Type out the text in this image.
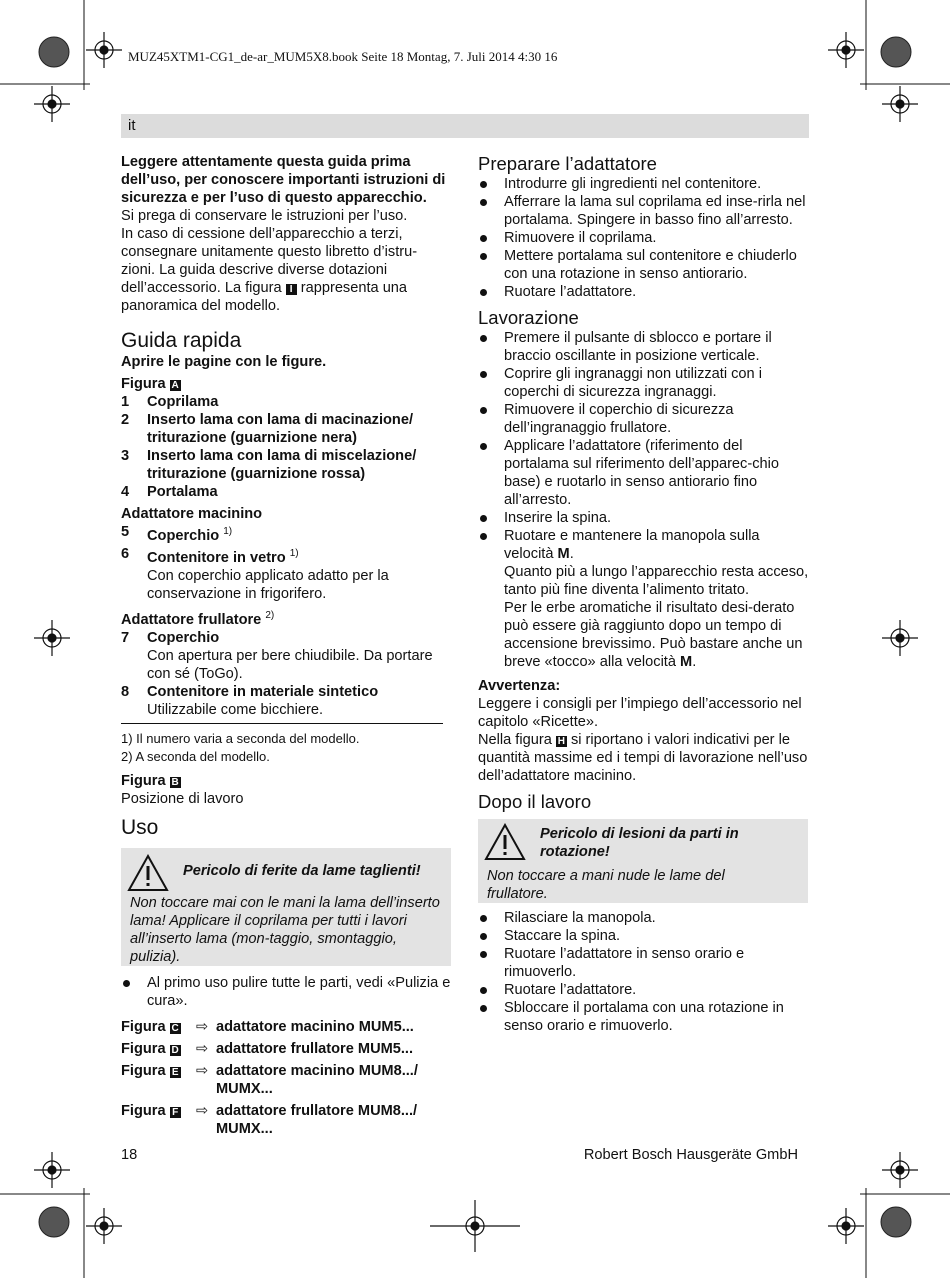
MUZ45XTM1-CG1_de-ar_MUM5X8.book Seite 18 Montag, 7. Juli 2014 4:30 16
it

Leggere attentamente questa guida prima dell’uso, per conoscere importanti istruzioni di sicurezza e per l’uso di questo apparecchio.

Si prega di conservare le istruzioni per l’uso.

In caso di cessione dell’apparecchio a terzi, consegnare unitamente questo libretto d’istru-zioni. La guida descrive diverse dotazioni dell’accessorio. La figura I rappresenta una panoramica del modello.

Guida rapida

Aprire le pagine con le figure.

Figura A

1	Coprilama
2	Inserto lama con lama di macinazione/ triturazione (guarnizione nera)
3	Inserto lama con lama di miscelazione/ triturazione (guarnizione rossa)
4	Portalama

Adattatore macinino

5	Coperchio $^{1)}$
6	Contenitore in vetro $^{1)}$
Con coperchio applicato adatto per la conservazione in frigorifero.

Adattatore frullatore $^{2)}$

7	Coperchio
Con apertura per bere chiudibile. Da portare con sé (ToGo).
8	Contenitore in materiale sintetico
Utilizzabile come bicchiere.

1) Il numero varia a seconda del modello.

2) A seconda del modello.

Figura B

Posizione di lavoro

Uso

Pericolo di ferite da lame taglienti!

Non toccare mai con le mani la lama dell’inserto lama! Applicare il coprilama per tutti i lavori all’inserto lama (mon-taggio, smontaggio, pulizia).

Al primo uso pulire tutte le parti, vedi «Pulizia e cura».
Figura C	⇨ adattatore macinino MUM5...
Figura D	⇨ adattatore frullatore MUM5...
Figura E	⇨ adattatore macinino MUM8.../ MUMX...
Figura F	⇨ adattatore frullatore MUM8.../ MUMX...
Preparare l’adattatore
Introdurre gli ingredienti nel contenitore.
Afferrare la lama sul coprilama ed inse-rirla nel portalama. Spingere in basso fino all’arresto.
Rimuovere il coprilama.
Mettere portalama sul contenitore e chiuderlo con una rotazione in senso antiorario.
Ruotare l’adattatore.
Lavorazione
Premere il pulsante di sblocco e portare il braccio oscillante in posizione verticale.
Coprire gli ingranaggi non utilizzati con i coperchi di sicurezza ingranaggi.
Rimuovere il coperchio di sicurezza dell’ingranaggio frullatore.
Applicare l’adattatore (riferimento del portalama sul riferimento dell’apparec-chio base) e ruotarlo in senso antiorario fino all’arresto.
Inserire la spina.
Ruotare e mantenere la manopola sulla velocità M.
Quanto più a lungo l’apparecchio resta acceso, tanto più fine diventa l’alimento tritato.
Per le erbe aromatiche il risultato desi-derato può essere già raggiunto dopo un tempo di accensione brevissimo. Può bastare anche un breve «tocco» alla velocità M.

Avvertenza:

Leggere i consigli per l’impiego dell’accessorio nel capitolo «Ricette».

Nella figura H si riportano i valori indicativi per le quantità massime ed i tempi di lavorazione nell’uso dell’adattatore macinino.

Dopo il lavoro

Pericolo di lesioni da parti in rotazione!

Non toccare a mani nude le lame del frullatore.

Rilasciare la manopola.
Staccare la spina.
Ruotare l’adattatore in senso orario e rimuoverlo.
Ruotare l’adattatore.
Sbloccare il portalama con una rotazione in senso orario e rimuoverlo.
18	Robert Bosch Hausgeräte GmbH
